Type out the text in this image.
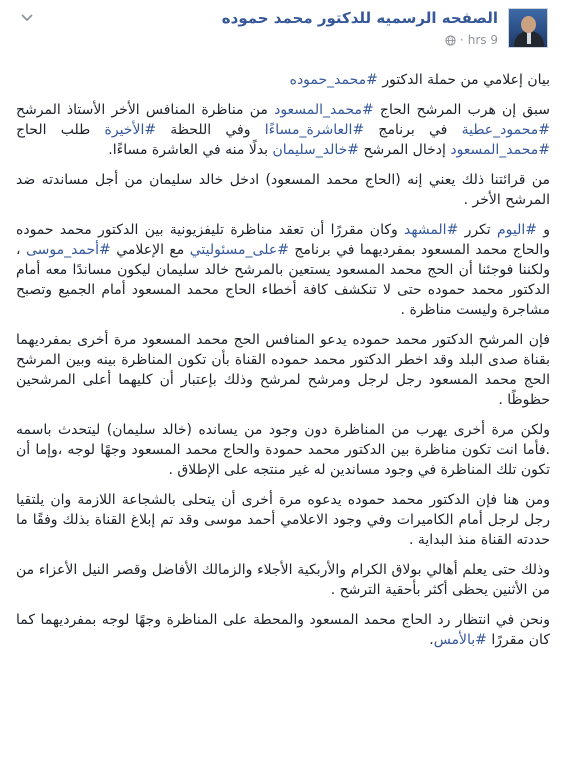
الصفحه الرسميه للدكتور محمد حموده
9 hrs
·

بيان إعلامي من حملة الدكتور #محمد_حموده

سبق إن هرب المرشح الحاج #محمد_المسعود من مناظرة المنافس الأخر الأستاذ المرشح #محمود_عطية في برنامج #العاشرة_مساءًا وفي اللحظة #الأخيرة طلب الحاج #محمد_المسعود إدخال المرشح #خالد_سليمان بدلًا منه في العاشرة مساءًا.

من قرائتنا ذلك يعني إنه (الحاج محمد المسعود) ادخل خالد سليمان من أجل مساندته ضد المرشح الأخر .

و #اليوم تكرر #المشهد وكان مقررًا أن تعقد مناظرة تليفزيونية بين الدكتور محمد حموده والحاج محمد المسعود بمفرديهما في برنامج #على_مسئوليتي مع الإعلامي #أحمد_موسى ، ولكننا فوجئنا أن الحج محمد المسعود يستعين بالمرشح خالد سليمان ليكون مساندًا معه أمام الدكتور محمد حموده حتى لا تنكشف كافة أخطاء الحاج محمد المسعود أمام الجميع وتصبح مشاجرة وليست مناظرة .

فإن المرشح الدكتور محمد حموده يدعو المنافس الحج محمد المسعود مرة أخرى بمفرديهما بقناة صدى البلد وقد اخطر الدكتور محمد حموده القناة بأن تكون المناظرة بينه وبين المرشح الحج محمد المسعود رجل لرجل ومرشح لمرشح وذلك بإعتبار أن كليهما أعلى المرشحين حظوظًا .

ولكن مرة أخرى يهرب من المناظرة دون وجود من يسانده (خالد سليمان) ليتحدث باسمه .فأما انت تكون مناظرة بين الدكتور محمد حمودة والحاج محمد المسعود وجهًا لوجه ،وإما أن تكون تلك المناظرة في وجود مساندين له غير منتجه على الإطلاق .

ومن هنا فإن الدكتور محمد حموده يدعوه مرة أخرى أن يتحلى بالشجاعة اللازمة وان يلتقيا رجل لرجل أمام الكاميرات وفي وجود الاعلامي أحمد موسى وقد تم إبلاغ القناة بذلك وفقًا ما حددته القناة منذ البداية .

وذلك حتى يعلم أهالي بولاق الكرام والأربكية الأجلاء والزمالك الأفاضل وقصر النيل الأعزاء من من الأثنين يحظى أكثر بأحقية الترشح .

ونحن في انتظار رد الحاج محمد المسعود والمحطة على المناظرة وجهًا لوجه بمفرديهما كما كان مقررًا #بالأمس.
